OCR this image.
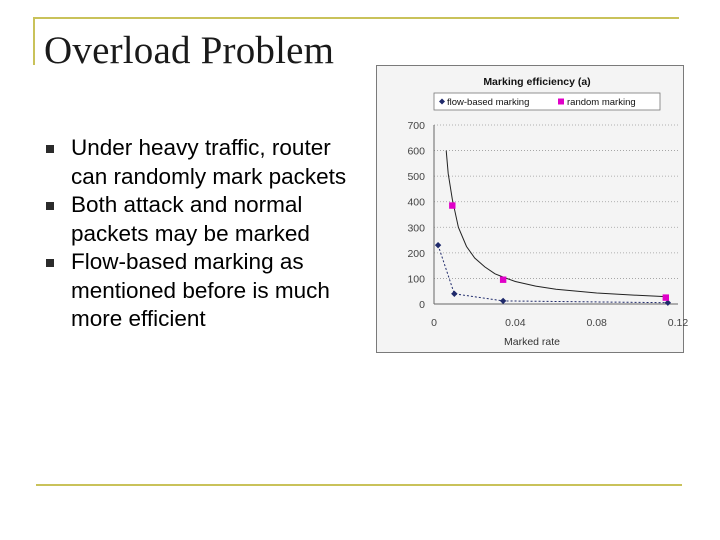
Overload Problem
Under heavy traffic, router can randomly mark packets
Both attack and normal packets may be marked
Flow-based marking as mentioned before is much more efficient
Marking efficiency (a)
flow-based marking	random marking
0
100
200
300
400
500
600
700
0	0.04	0.08	0.12
Marked rate
